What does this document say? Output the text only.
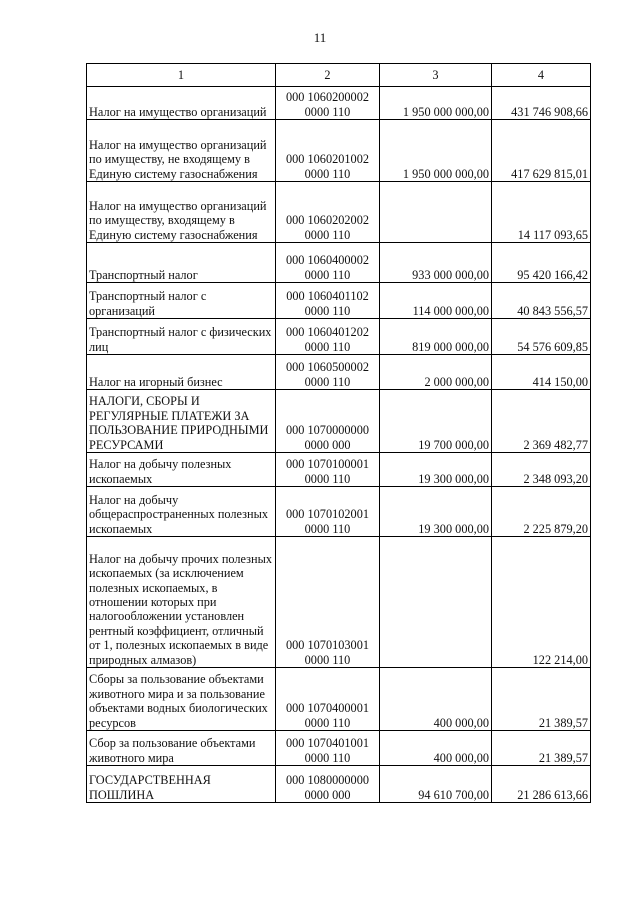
11
1	2	3	4
Налог на имущество организаций	000 1060200002 0000 110	1 950 000 000,00	431 746 908,66
Налог на имущество организаций по имуществу, не входящему в Единую систему газоснабжения	000 1060201002 0000 110	1 950 000 000,00	417 629 815,01
Налог на имущество организаций по имуществу, входящему в Единую систему газоснабжения	000 1060202002 0000 110		14 117 093,65
Транспортный налог	000 1060400002 0000 110	933 000 000,00	95 420 166,42
Транспортный налог с организаций	000 1060401102 0000 110	114 000 000,00	40 843 556,57
Транспортный налог с физических лиц	000 1060401202 0000 110	819 000 000,00	54 576 609,85
Налог на игорный бизнес	000 1060500002 0000 110	2 000 000,00	414 150,00
НАЛОГИ, СБОРЫ И РЕГУЛЯРНЫЕ ПЛАТЕЖИ ЗА ПОЛЬЗОВАНИЕ ПРИРОДНЫМИ РЕСУРСАМИ	000 1070000000 0000 000	19 700 000,00	2 369 482,77
Налог на добычу полезных ископаемых	000 1070100001 0000 110	19 300 000,00	2 348 093,20
Налог на добычу общераспространенных полезных ископаемых	000 1070102001 0000 110	19 300 000,00	2 225 879,20
Налог на добычу прочих полезных ископаемых (за исключением полезных ископаемых, в отношении которых при налогообложении установлен рентный коэффициент, отличный от 1, полезных ископаемых в виде природных алмазов)	000 1070103001 0000 110		122 214,00
Сборы за пользование объектами животного мира и за пользование объектами водных биологических ресурсов	000 1070400001 0000 110	400 000,00	21 389,57
Сбор за пользование объектами животного мира	000 1070401001 0000 110	400 000,00	21 389,57
ГОСУДАРСТВЕННАЯ ПОШЛИНА	000 1080000000 0000 000	94 610 700,00	21 286 613,66
